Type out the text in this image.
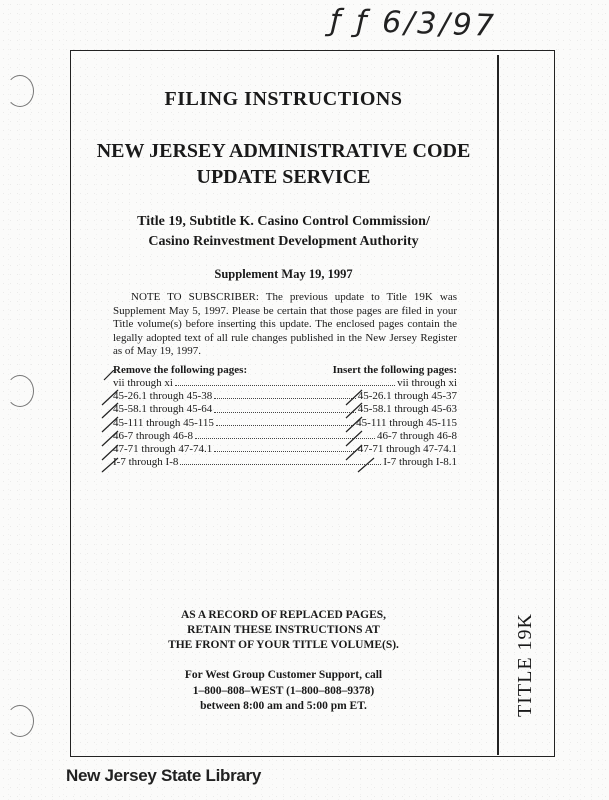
ƒ ƒ 6/3/97
TITLE 19K
FILING INSTRUCTIONS
NEW JERSEY ADMINISTRATIVE CODE
UPDATE SERVICE
Title 19, Subtitle K. Casino Control Commission/
Casino Reinvestment Development Authority
Supplement May 19, 1997
NOTE TO SUBSCRIBER: The previous update to Title 19K was Supplement May 5, 1997. Please be certain that those pages are filed in your Title volume(s) before inserting this update. The enclosed pages contain the legally adopted text of all rule changes published in the New Jersey Register as of May 19, 1997.
Remove the following pages:	Insert the following pages:
vii through xi	vii through xi
45-26.1 through 45-38	45-26.1 through 45-37
45-58.1 through 45-64	45-58.1 through 45-63
45-111 through 45-115	45-111 through 45-115
46-7 through 46-8	46-7 through 46-8
47-71 through 47-74.1	47-71 through 47-74.1
I-7 through I-8	I-7 through I-8.1
AS A RECORD OF REPLACED PAGES,
RETAIN THESE INSTRUCTIONS AT
THE FRONT OF YOUR TITLE VOLUME(S).
For West Group Customer Support, call
1–800–808–WEST (1–800–808–9378)
between 8:00 am and 5:00 pm ET.
New Jersey State Library
